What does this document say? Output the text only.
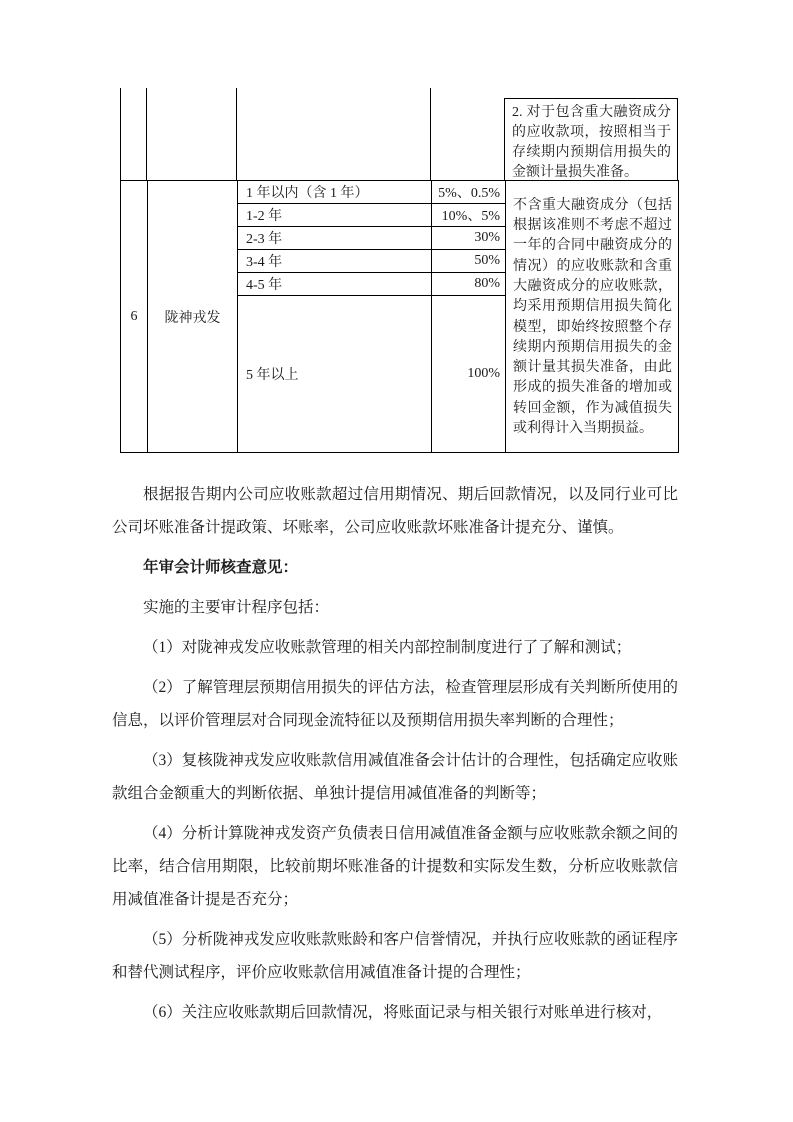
2. 对于包含重大融资成分的应收款项，按照相当于存续期内预期信用损失的金额计量损失准备。
6	陇神戎发	1 年以内（含 1 年）	5%、0.5%	不含重大融资成分（包括根据该准则不考虑不超过一年的合同中融资成分的情况）的应收账款和含重大融资成分的应收账款，均采用预期信用损失简化模型，即始终按照整个存续期内预期信用损失的金额计量其损失准备，由此形成的损失准备的增加或转回金额，作为减值损失或利得计入当期损益。

		1-2 年	10%、5%	
		2-3 年	30%	
		3-4 年	50%	
		4-5 年	80%	
		5 年以上	100%	

根据报告期内公司应收账款超过信用期情况、期后回款情况，以及同行业可比公司坏账准备计提政策、坏账率，公司应收账款坏账准备计提充分、谨慎。

年审会计师核查意见：

实施的主要审计程序包括：

（1）对陇神戎发应收账款管理的相关内部控制制度进行了了解和测试；

（2）了解管理层预期信用损失的评估方法，检查管理层形成有关判断所使用的信息，以评价管理层对合同现金流特征以及预期信用损失率判断的合理性；

（3）复核陇神戎发应收账款信用减值准备会计估计的合理性，包括确定应收账款组合金额重大的判断依据、单独计提信用减值准备的判断等；

（4）分析计算陇神戎发资产负债表日信用减值准备金额与应收账款余额之间的比率，结合信用期限，比较前期坏账准备的计提数和实际发生数，分析应收账款信用减值准备计提是否充分；

（5）分析陇神戎发应收账款账龄和客户信誉情况，并执行应收账款的函证程序和替代测试程序，评价应收账款信用减值准备计提的合理性；

（6）关注应收账款期后回款情况，将账面记录与相关银行对账单进行核对，
